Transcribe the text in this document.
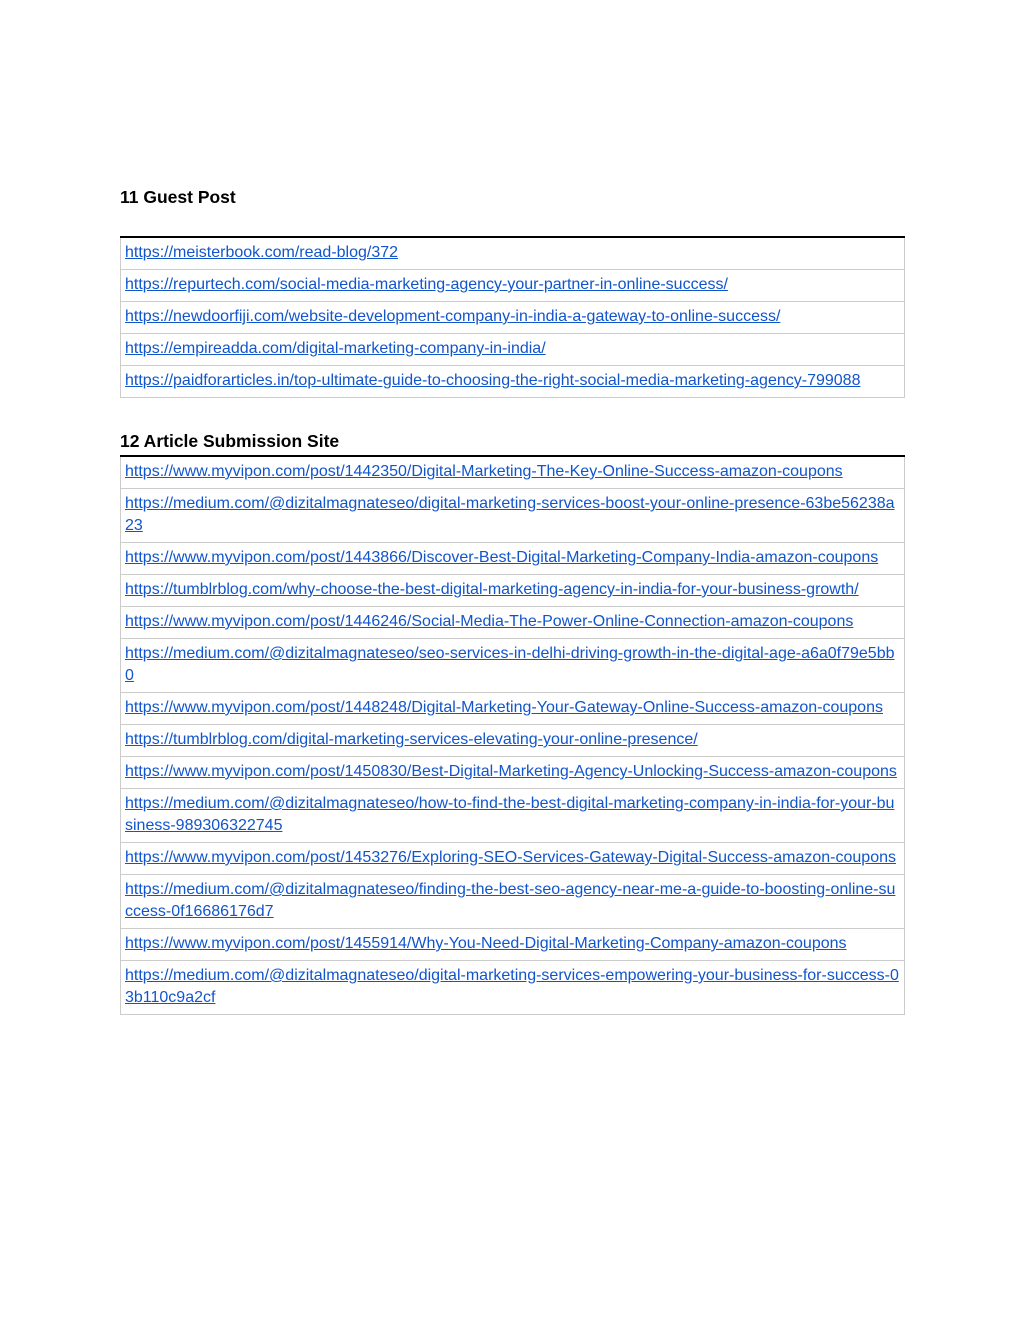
11 Guest Post
https://meisterbook.com/read-blog/372
https://repurtech.com/social-media-marketing-agency-your-partner-in-online-success/
https://newdoorfiji.com/website-development-company-in-india-a-gateway-to-online-success/
https://empireadda.com/digital-marketing-company-in-india/
https://paidforarticles.in/top-ultimate-guide-to-choosing-the-right-social-media-marketing-agency-799088
12 Article Submission Site
https://www.myvipon.com/post/1442350/Digital-Marketing-The-Key-Online-Success-amazon-coupons
https://medium.com/@dizitalmagnateseo/digital-marketing-services-boost-your-online-presence-63be56238a23
https://www.myvipon.com/post/1443866/Discover-Best-Digital-Marketing-Company-India-amazon-coupons
https://tumblrblog.com/why-choose-the-best-digital-marketing-agency-in-india-for-your-business-growth/
https://www.myvipon.com/post/1446246/Social-Media-The-Power-Online-Connection-amazon-coupons
https://medium.com/@dizitalmagnateseo/seo-services-in-delhi-driving-growth-in-the-digital-age-a6a0f79e5bb0
https://www.myvipon.com/post/1448248/Digital-Marketing-Your-Gateway-Online-Success-amazon-coupons
https://tumblrblog.com/digital-marketing-services-elevating-your-online-presence/
https://www.myvipon.com/post/1450830/Best-Digital-Marketing-Agency-Unlocking-Success-amazon-coupons
https://medium.com/@dizitalmagnateseo/how-to-find-the-best-digital-marketing-company-in-india-for-your-business-989306322745
https://www.myvipon.com/post/1453276/Exploring-SEO-Services-Gateway-Digital-Success-amazon-coupons
https://medium.com/@dizitalmagnateseo/finding-the-best-seo-agency-near-me-a-guide-to-boosting-online-success-0f16686176d7
https://www.myvipon.com/post/1455914/Why-You-Need-Digital-Marketing-Company-amazon-coupons
https://medium.com/@dizitalmagnateseo/digital-marketing-services-empowering-your-business-for-success-03b110c9a2cf
